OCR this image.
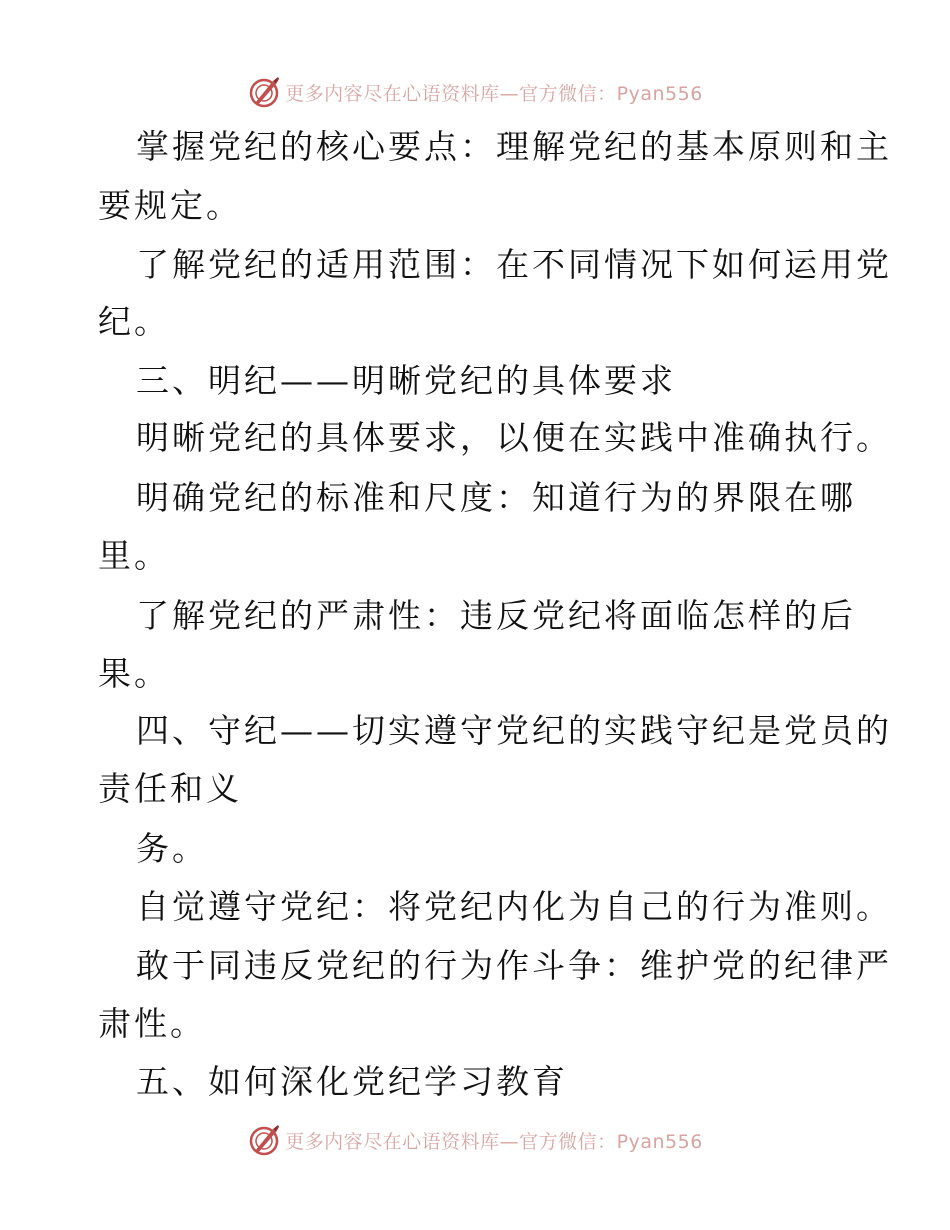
更多内容尽在心语资料库—官方微信：Pyan556
掌握党纪的核心要点：理解党纪的基本原则和主
要规定。
了解党纪的适用范围：在不同情况下如何运用党
纪。
三、明纪——明晰党纪的具体要求
明晰党纪的具体要求，以便在实践中准确执行。
明确党纪的标准和尺度：知道行为的界限在哪
里。
了解党纪的严肃性：违反党纪将面临怎样的后
果。
四、守纪——切实遵守党纪的实践守纪是党员的
责任和义
务。
自觉遵守党纪：将党纪内化为自己的行为准则。
敢于同违反党纪的行为作斗争：维护党的纪律严
肃性。
五、如何深化党纪学习教育
更多内容尽在心语资料库—官方微信：Pyan556
